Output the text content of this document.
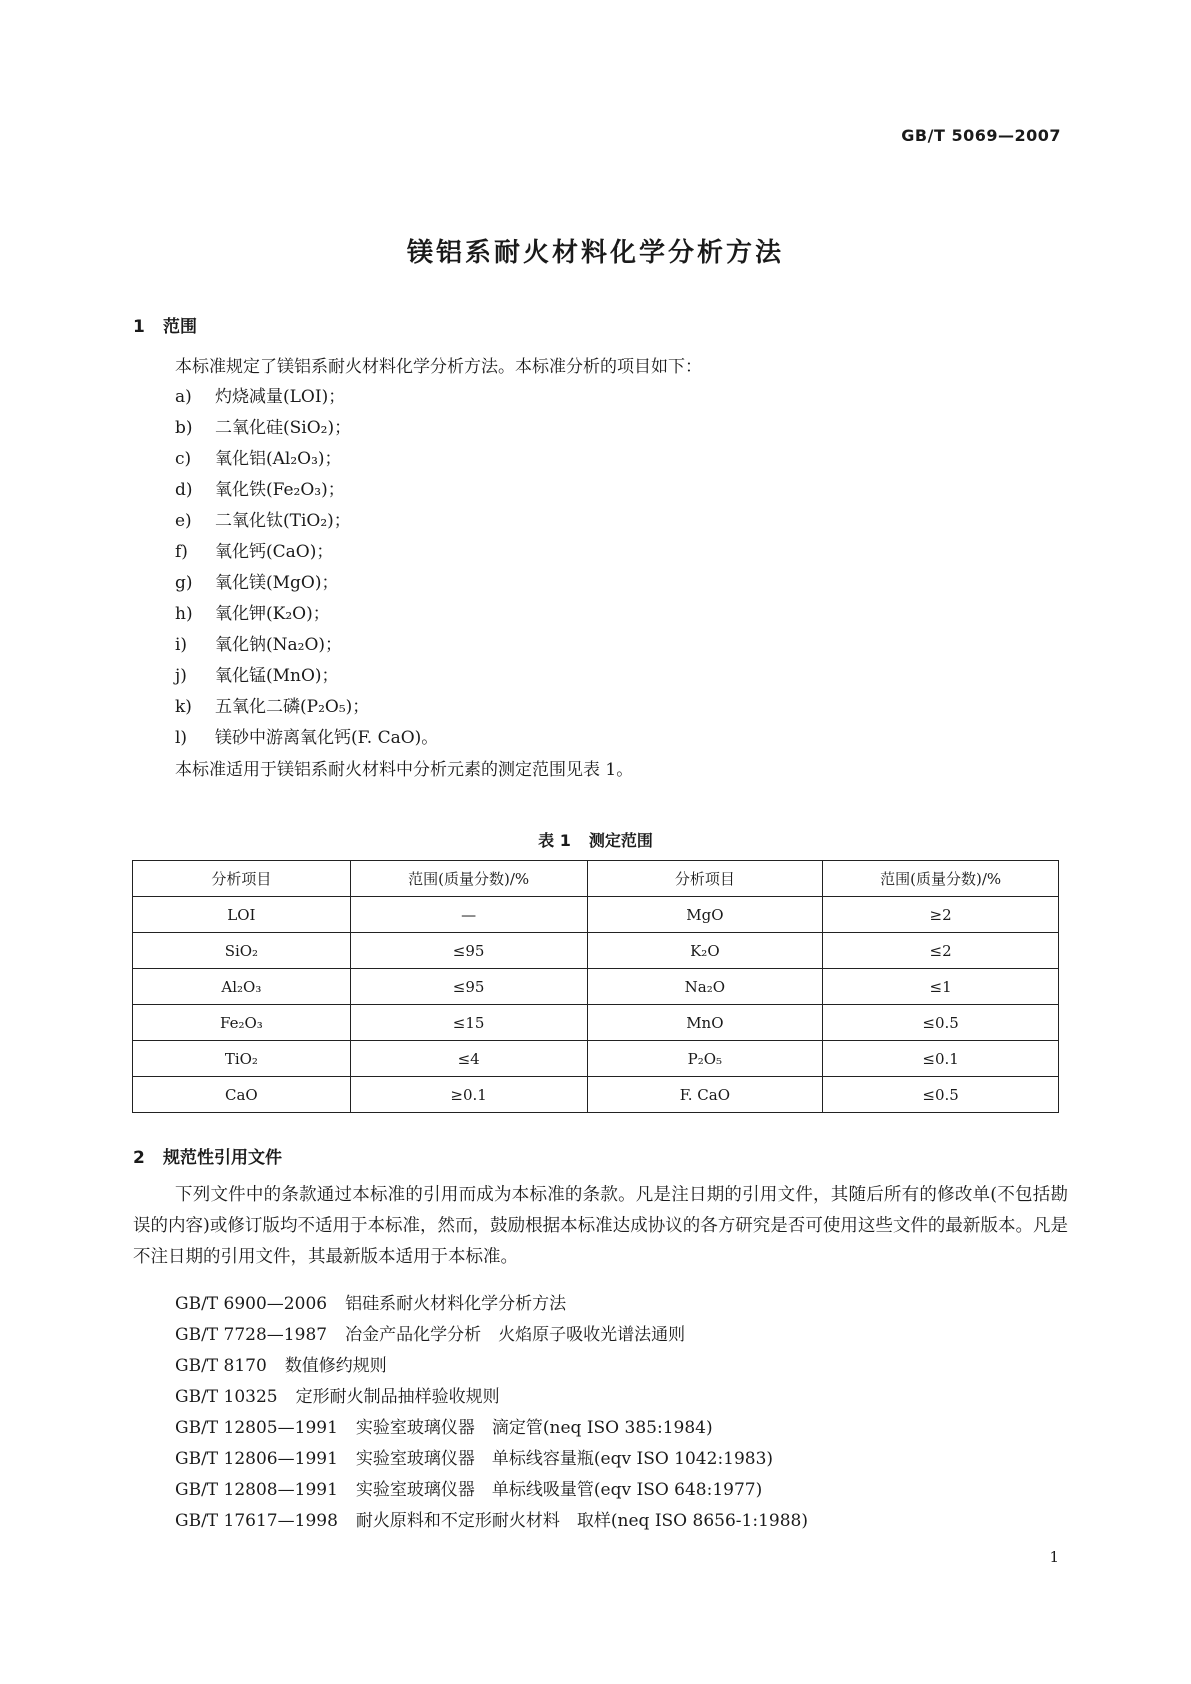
GB/T 5069—2007
镁铝系耐火材料化学分析方法
1 范围
本标准规定了镁铝系耐火材料化学分析方法。本标准分析的项目如下：
a) 灼烧减量(LOI)；
b) 二氧化硅(SiO₂)；
c) 氧化铝(Al₂O₃)；
d) 氧化铁(Fe₂O₃)；
e) 二氧化钛(TiO₂)；
f) 氧化钙(CaO)；
g) 氧化镁(MgO)；
h) 氧化钾(K₂O)；
i) 氧化钠(Na₂O)；
j) 氧化锰(MnO)；
k) 五氧化二磷(P₂O₅)；
l) 镁砂中游离氧化钙(F. CaO)。
本标准适用于镁铝系耐火材料中分析元素的测定范围见表 1。
表 1 测定范围
分析项目	范围(质量分数)/%	分析项目	范围(质量分数)/%
LOI	—	MgO	≥2
SiO₂	≤95	K₂O	≤2
Al₂O₃	≤95	Na₂O	≤1
Fe₂O₃	≤15	MnO	≤0.5
TiO₂	≤4	P₂O₅	≤0.1
CaO	≥0.1	F. CaO	≤0.5
2 规范性引用文件
下列文件中的条款通过本标准的引用而成为本标准的条款。凡是注日期的引用文件，其随后所有的修改单(不包括勘误的内容)或修订版均不适用于本标准，然而，鼓励根据本标准达成协议的各方研究是否可使用这些文件的最新版本。凡是不注日期的引用文件，其最新版本适用于本标准。
GB/T 6900—2006 铝硅系耐火材料化学分析方法
GB/T 7728—1987 冶金产品化学分析　火焰原子吸收光谱法通则
GB/T 8170 数值修约规则
GB/T 10325 定形耐火制品抽样验收规则
GB/T 12805—1991 实验室玻璃仪器　滴定管(neq ISO 385:1984)
GB/T 12806—1991 实验室玻璃仪器　单标线容量瓶(eqv ISO 1042:1983)
GB/T 12808—1991 实验室玻璃仪器　单标线吸量管(eqv ISO 648:1977)
GB/T 17617—1998 耐火原料和不定形耐火材料　取样(neq ISO 8656-1:1988)
1
